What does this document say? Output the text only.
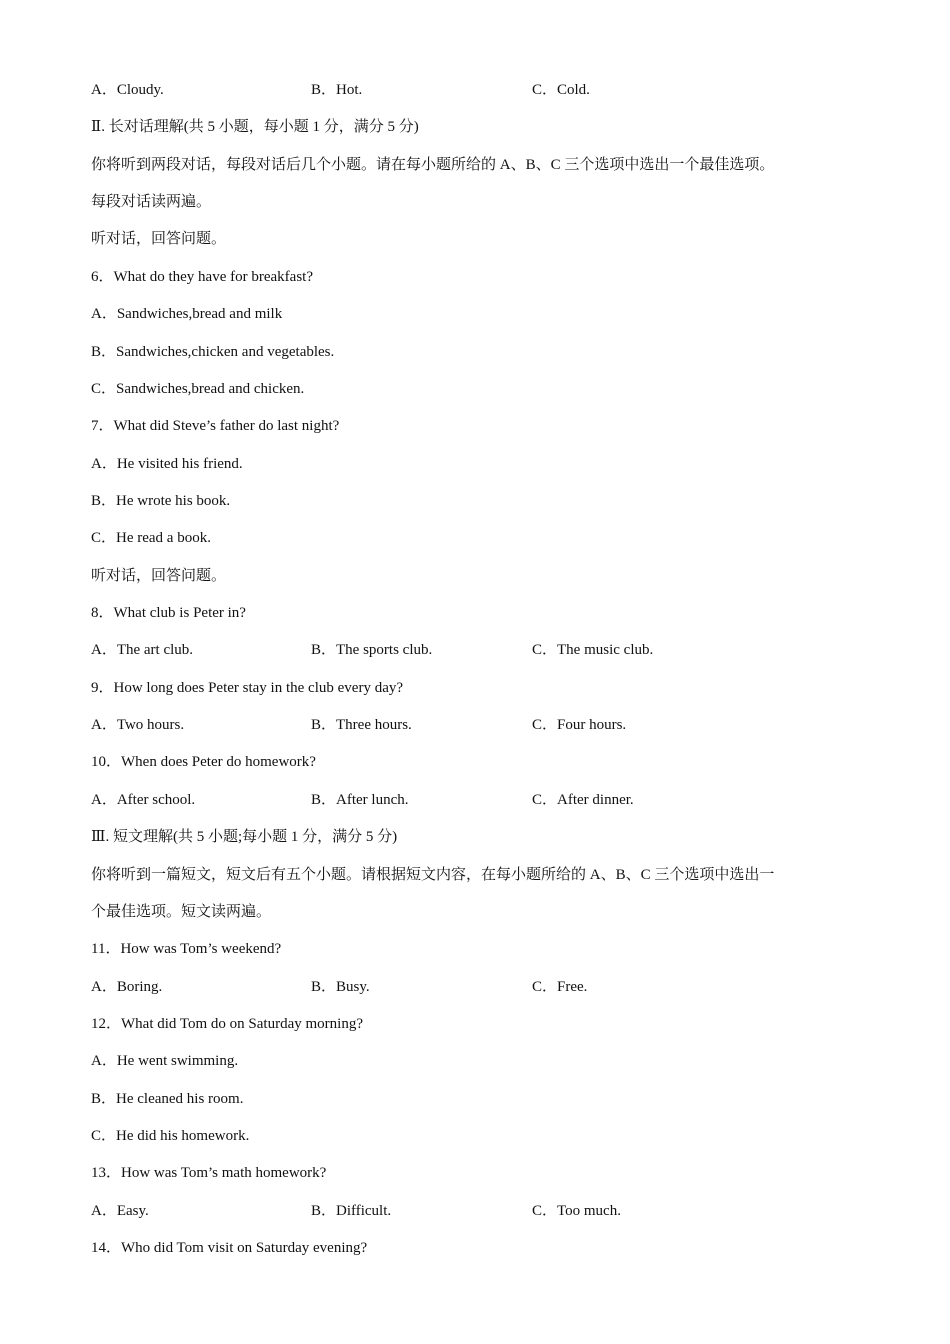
A．Cloudy.	B．Hot.	C．Cold.
Ⅱ. 长对话理解(共 5 小题，每小题 1 分，满分 5 分)
你将听到两段对话，每段对话后几个小题。请在每小题所给的 A、B、C 三个选项中选出一个最佳选项。
每段对话读两遍。
听对话，回答问题。
6．What do they have for breakfast?
A．Sandwiches,bread and milk
B．Sandwiches,chicken and vegetables.
C．Sandwiches,bread and chicken.
7．What did Steve’s father do last night?
A．He visited his friend.
B．He wrote his book.
C．He read a book.
听对话，回答问题。
8．What club is Peter in?
A．The art club.	B．The sports club.	C．The music club.
9．How long does Peter stay in the club every day?
A．Two hours.	B．Three hours.	C．Four hours.
10．When does Peter do homework?
A．After school.	B．After lunch.	C．After dinner.
Ⅲ. 短文理解(共 5 小题;每小题 1 分，满分 5 分)
你将听到一篇短文，短文后有五个小题。请根据短文内容，在每小题所给的 A、B、C 三个选项中选出一
个最佳选项。短文读两遍。
11．How was Tom’s weekend?
A．Boring.	B．Busy.	C．Free.
12．What did Tom do on Saturday morning?
A．He went swimming.
B．He cleaned his room.
C．He did his homework.
13．How was Tom’s math homework?
A．Easy.	B．Difficult.	C．Too much.
14．Who did Tom visit on Saturday evening?
